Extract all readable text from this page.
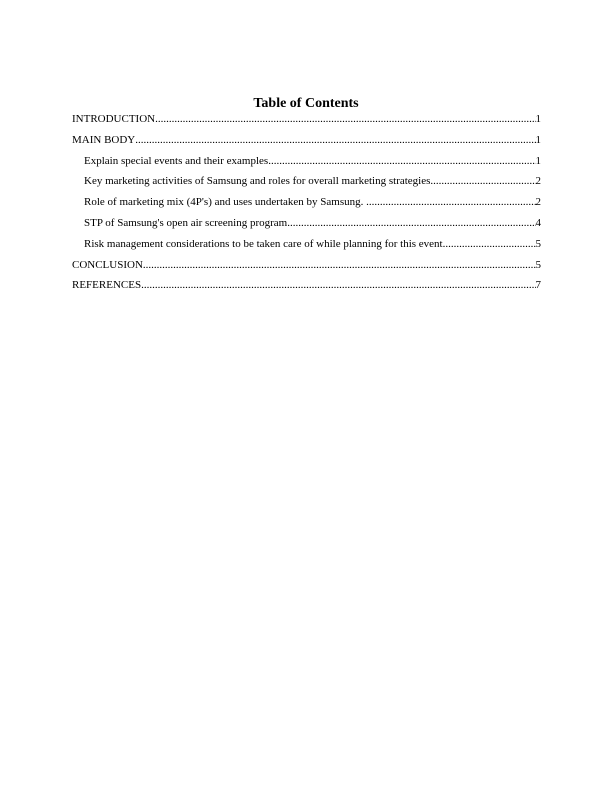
Table of Contents
INTRODUCTION .....	1
MAIN BODY .....	1
Explain special events and their examples .....	1
Key marketing activities of Samsung and roles for overall marketing strategies .....	2
Role of marketing mix (4P's) and uses undertaken by Samsung. .....	2
STP of Samsung's open air screening program .....	4
Risk management considerations to be taken care of while planning for this event .....	5
CONCLUSION .....	5
REFERENCES .....	7
